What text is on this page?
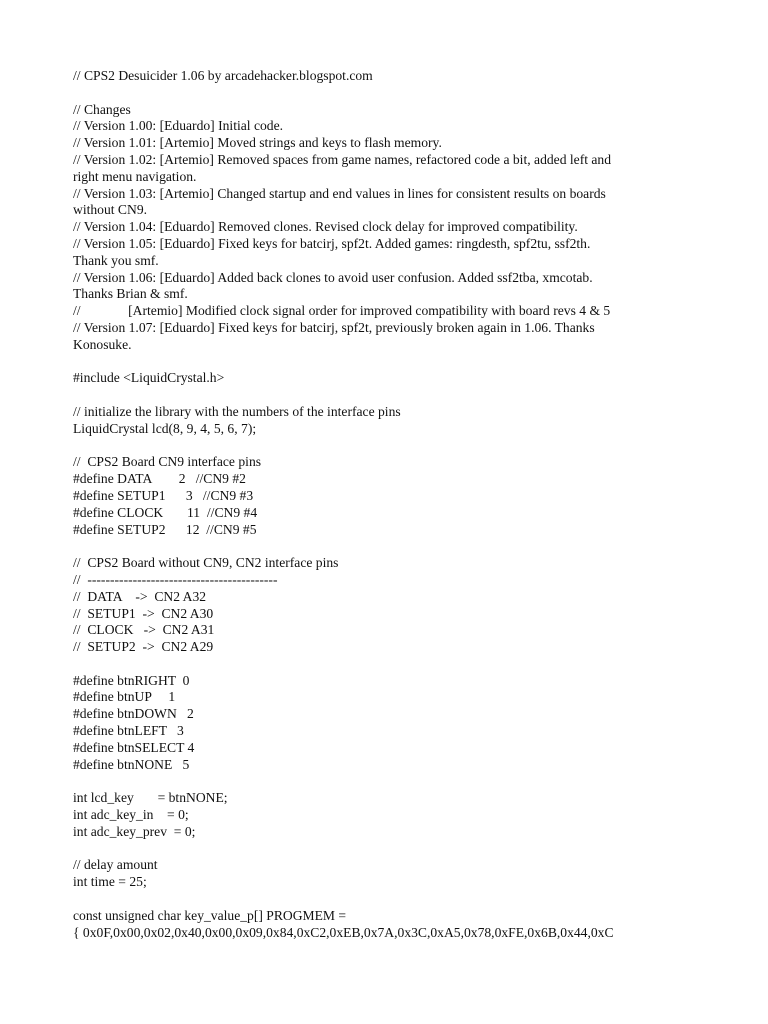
// CPS2 Desuicider 1.06 by arcadehacker.blogspot.com
// Changes
// Version 1.00: [Eduardo] Initial code.
// Version 1.01: [Artemio] Moved strings and keys to flash memory.
// Version 1.02: [Artemio] Removed spaces from game names, refactored code a bit, added left and
right menu navigation.
// Version 1.03: [Artemio] Changed startup and end values in lines for consistent results on boards
without CN9.
// Version 1.04: [Eduardo] Removed clones. Revised clock delay for improved compatibility.
// Version 1.05: [Eduardo] Fixed keys for batcirj, spf2t. Added games: ringdesth, spf2tu, ssf2th.
Thank you smf.
// Version 1.06: [Eduardo] Added back clones to avoid user confusion. Added ssf2tba, xmcotab.
Thanks Brian & smf.
//              [Artemio] Modified clock signal order for improved compatibility with board revs 4 & 5
// Version 1.07: [Eduardo] Fixed keys for batcirj, spf2t, previously broken again in 1.06. Thanks
Konosuke.
#include <LiquidCrystal.h>
// initialize the library with the numbers of the interface pins
LiquidCrystal lcd(8, 9, 4, 5, 6, 7);
//  CPS2 Board CN9 interface pins
#define DATA        2   //CN9 #2
#define SETUP1      3   //CN9 #3
#define CLOCK       11  //CN9 #4
#define SETUP2      12  //CN9 #5
//  CPS2 Board without CN9, CN2 interface pins
//  ------------------------------------------
//  DATA    ->  CN2 A32
//  SETUP1  ->  CN2 A30
//  CLOCK   ->  CN2 A31
//  SETUP2  ->  CN2 A29
#define btnRIGHT  0
#define btnUP     1
#define btnDOWN   2
#define btnLEFT   3
#define btnSELECT 4
#define btnNONE   5
int lcd_key       = btnNONE;
int adc_key_in    = 0;
int adc_key_prev  = 0;
// delay amount
int time = 25;
const unsigned char key_value_p[] PROGMEM =
{ 0x0F,0x00,0x02,0x40,0x00,0x09,0x84,0xC2,0xEB,0x7A,0x3C,0xA5,0x78,0xFE,0x6B,0x44,0xC
